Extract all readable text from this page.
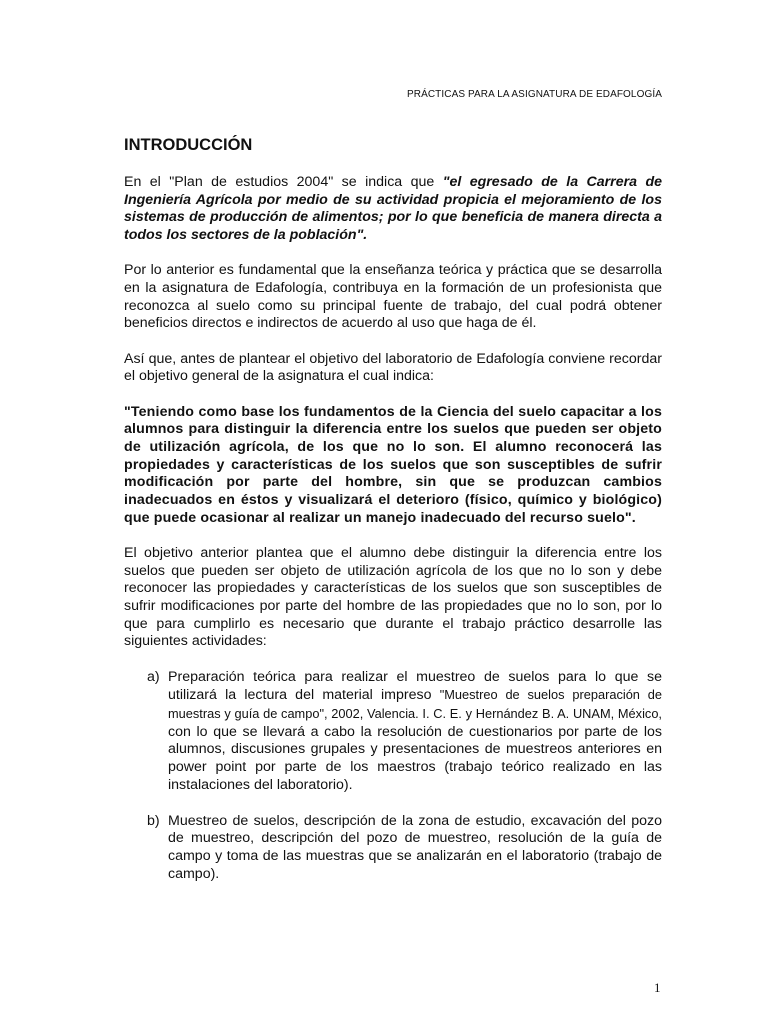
PRÁCTICAS PARA LA ASIGNATURA DE EDAFOLOGÍA
INTRODUCCIÓN

En el "Plan de estudios 2004" se indica que "el egresado de la Carrera de Ingeniería Agrícola por medio de su actividad propicia el mejoramiento de los sistemas de producción de alimentos; por lo que beneficia de manera directa a todos los sectores de la población".

Por lo anterior es fundamental que la enseñanza teórica y práctica que se desarrolla en la asignatura de Edafología, contribuya en la formación de un profesionista que reconozca al suelo como su principal fuente de trabajo, del cual podrá obtener beneficios directos e indirectos de acuerdo al uso que haga de él.

Así que, antes de plantear el objetivo del laboratorio de Edafología conviene recordar el objetivo general de la asignatura el cual indica:

"Teniendo como base los fundamentos de la Ciencia del suelo capacitar a los alumnos para distinguir la diferencia entre los suelos que pueden ser objeto de utilización agrícola, de los que no lo son. El alumno reconocerá las propiedades y características de los suelos que son susceptibles de sufrir modificación por parte del hombre, sin que se produzcan cambios inadecuados en éstos y visualizará el deterioro (físico, químico y biológico) que puede ocasionar al realizar un manejo inadecuado del recurso suelo".

El objetivo anterior plantea que el alumno debe distinguir la diferencia entre los suelos que pueden ser objeto de utilización agrícola de los que no lo son y debe reconocer las propiedades y características de los suelos que son susceptibles de sufrir modificaciones por parte del hombre de las propiedades que no lo son, por lo que para cumplirlo es necesario que durante el trabajo práctico desarrolle las siguientes actividades:

a) Preparación teórica para realizar el muestreo de suelos para lo que se utilizará la lectura del material impreso "Muestreo de suelos preparación de muestras y guía de campo", 2002, Valencia. I. C. E. y Hernández B. A. UNAM, México, con lo que se llevará a cabo la resolución de cuestionarios por parte de los alumnos, discusiones grupales y presentaciones de muestreos anteriores en power point por parte de los maestros (trabajo teórico realizado en las instalaciones del laboratorio).
b) Muestreo de suelos, descripción de la zona de estudio, excavación del pozo de muestreo, descripción del pozo de muestreo, resolución de la guía de campo y toma de las muestras que se analizarán en el laboratorio (trabajo de campo).
1
